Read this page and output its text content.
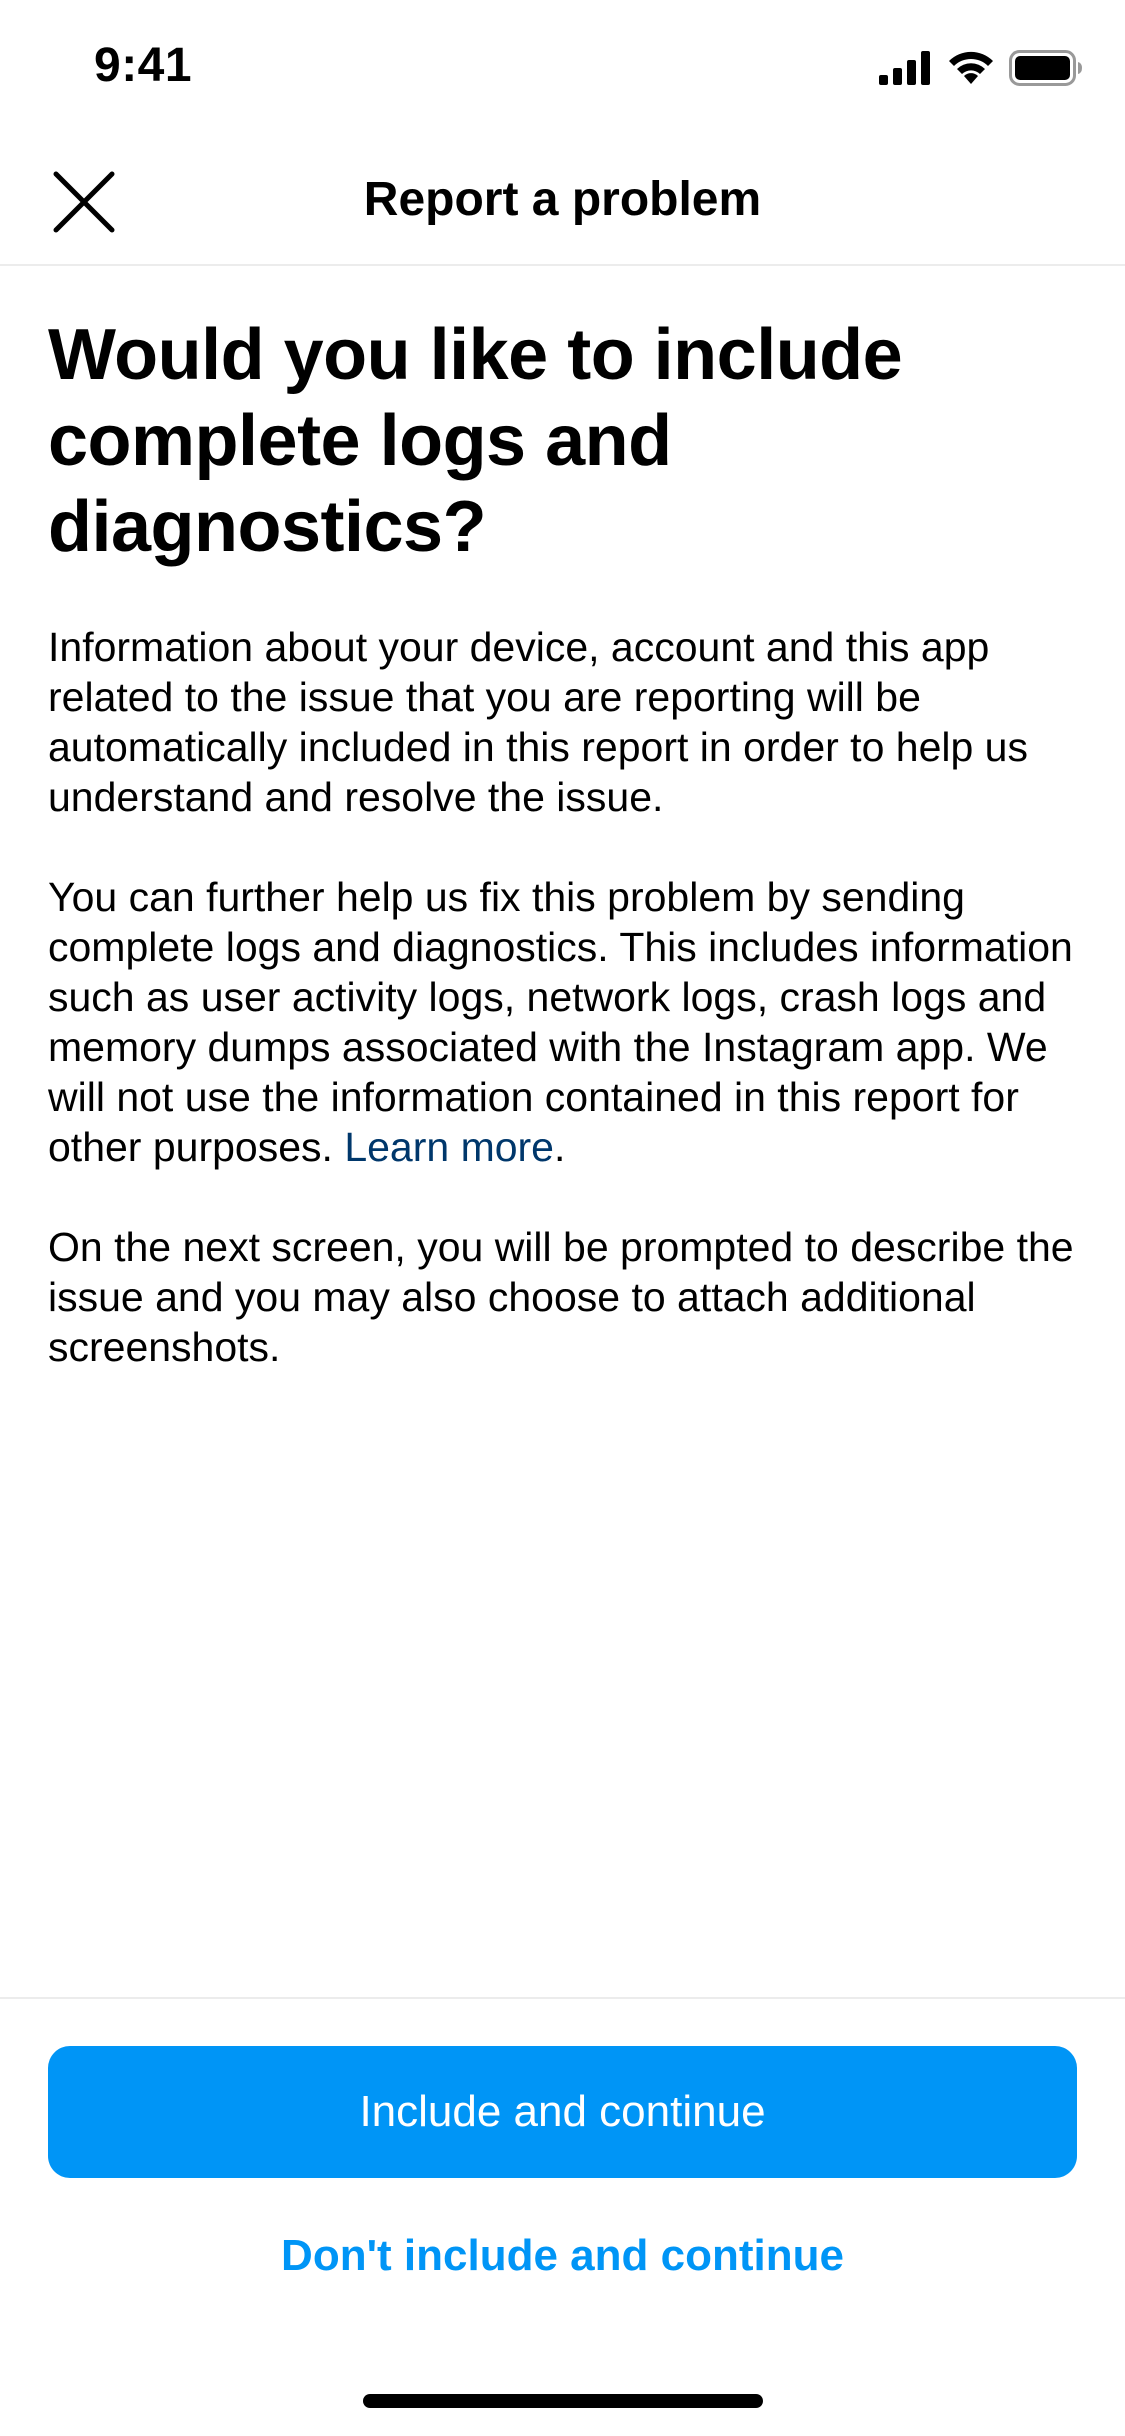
9:41
Report a problem
Would you like to include complete logs and diagnostics?

Information about your device, account and this app related to the issue that you are reporting will be automatically included in this report in order to help us understand and resolve the issue.

You can further help us fix this problem by sending complete logs and diagnostics. This includes information such as user activity logs, network logs, crash logs and memory dumps associated with the Instagram app. We will not use the information contained in this report for other purposes. Learn more.

On the next screen, you will be prompted to describe the issue and you may also choose to attach additional screenshots.

Include and continue
Don't include and continue
